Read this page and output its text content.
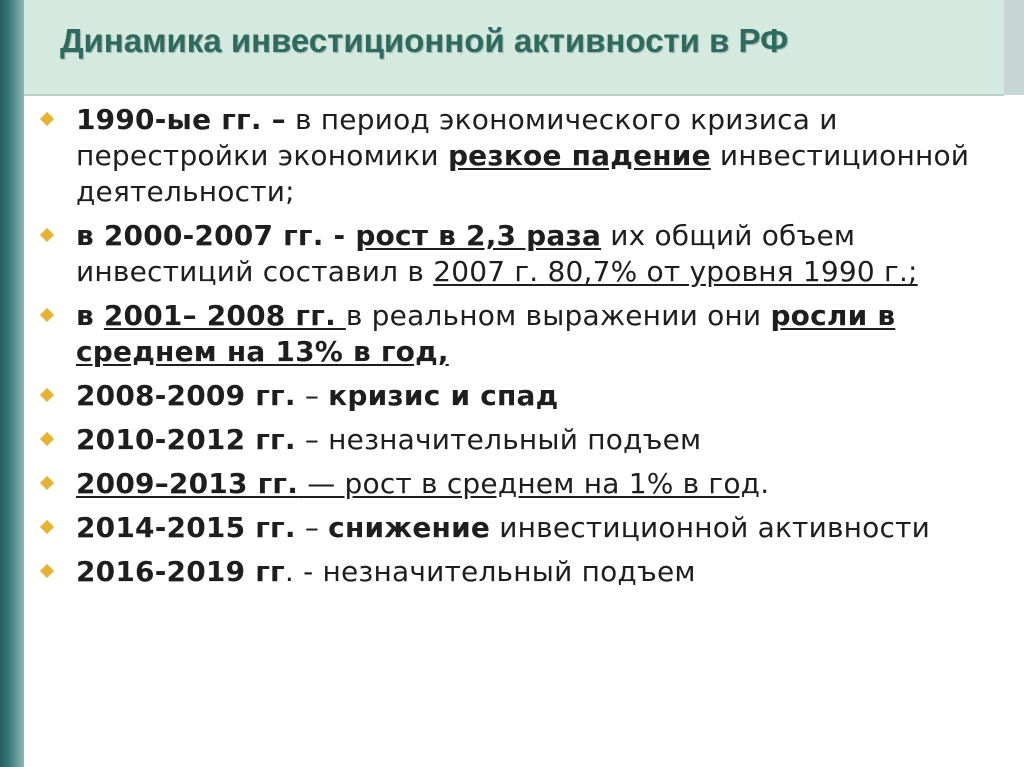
Динамика инвестиционной активности в РФ
1990-ые гг. – в период экономического кризиса и перестройки экономики резкое падение инвестиционной деятельности;
в 2000-2007 гг. - рост в 2,3 раза их общий объем инвестиций составил в 2007 г. 80,7% от уровня 1990 г.;
в 2001– 2008 гг. в реальном выражении они росли в среднем на 13% в год,
2008-2009 гг. – кризис и спад
2010-2012 гг. – незначительный подъем
2009–2013 гг. — рост в среднем на 1% в год.
2014-2015 гг. – снижение инвестиционной активности
2016-2019 гг. - незначительный подъем
